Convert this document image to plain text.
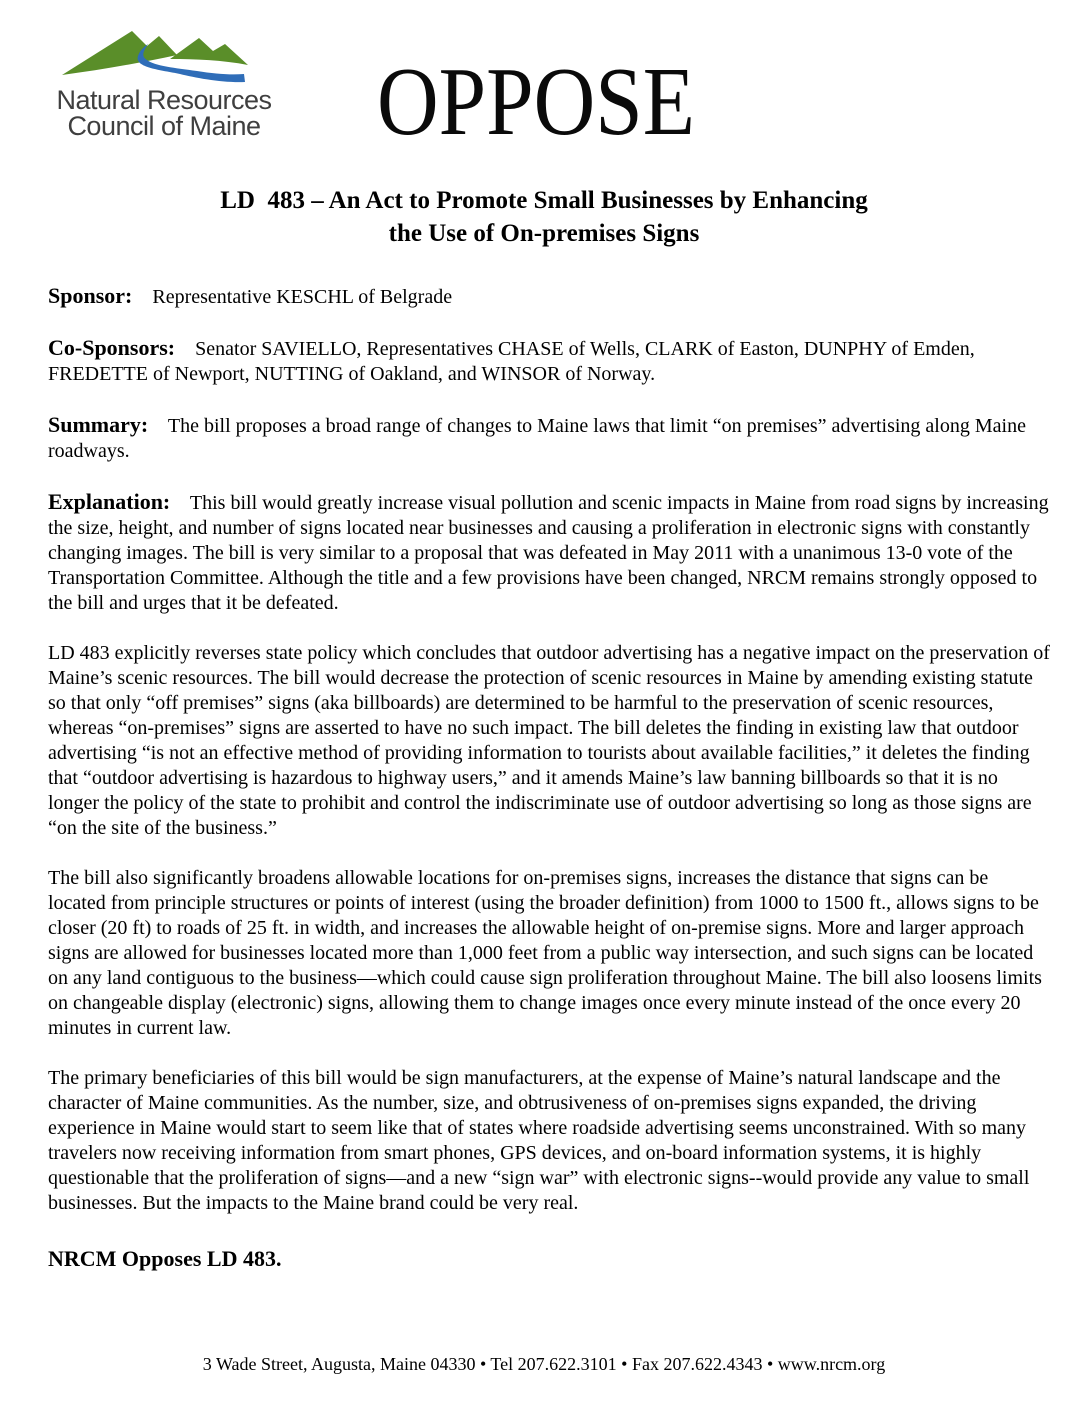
Natural Resources
Council of Maine OPPOSE
LD  483 – An Act to Promote Small Businesses by Enhancing
the Use of On-premises Signs

Sponsor: Representative KESCHL of Belgrade

Co-Sponsors: Senator SAVIELLO, Representatives CHASE of Wells, CLARK of Easton, DUNPHY of Emden, FREDETTE of Newport, NUTTING of Oakland, and WINSOR of Norway.

Summary: The bill proposes a broad range of changes to Maine laws that limit “on premises” advertising along Maine roadways.

Explanation: This bill would greatly increase visual pollution and scenic impacts in Maine from road signs by increasing the size, height, and number of signs located near businesses and causing a proliferation in electronic signs with constantly changing images. The bill is very similar to a proposal that was defeated in May 2011 with a unanimous 13-0 vote of the Transportation Committee. Although the title and a few provisions have been changed, NRCM remains strongly opposed to the bill and urges that it be defeated.

LD 483 explicitly reverses state policy which concludes that outdoor advertising has a negative impact on the preservation of Maine’s scenic resources. The bill would decrease the protection of scenic resources in Maine by amending existing statute so that only “off premises” signs (aka billboards) are determined to be harmful to the preservation of scenic resources, whereas “on-premises” signs are asserted to have no such impact. The bill deletes the finding in existing law that outdoor advertising “is not an effective method of providing information to tourists about available facilities,” it deletes the finding that “outdoor advertising is hazardous to highway users,” and it amends Maine’s law banning billboards so that it is no longer the policy of the state to prohibit and control the indiscriminate use of outdoor advertising so long as those signs are “on the site of the business.”

The bill also significantly broadens allowable locations for on-premises signs, increases the distance that signs can be located from principle structures or points of interest (using the broader definition) from 1000 to 1500 ft., allows signs to be closer (20 ft) to roads of 25 ft. in width, and increases the allowable height of on-premise signs. More and larger approach signs are allowed for businesses located more than 1,000 feet from a public way intersection, and such signs can be located on any land contiguous to the business—which could cause sign proliferation throughout Maine. The bill also loosens limits on changeable display (electronic) signs, allowing them to change images once every minute instead of the once every 20 minutes in current law.

The primary beneficiaries of this bill would be sign manufacturers, at the expense of Maine’s natural landscape and the character of Maine communities. As the number, size, and obtrusiveness of on-premises signs expanded, the driving experience in Maine would start to seem like that of states where roadside advertising seems unconstrained. With so many travelers now receiving information from smart phones, GPS devices, and on-board information systems, it is highly questionable that the proliferation of signs—and a new “sign war” with electronic signs--would provide any value to small businesses. But the impacts to the Maine brand could be very real.

NRCM Opposes LD 483.

3 Wade Street, Augusta, Maine 04330 • Tel 207.622.3101 • Fax 207.622.4343 • www.nrcm.org
